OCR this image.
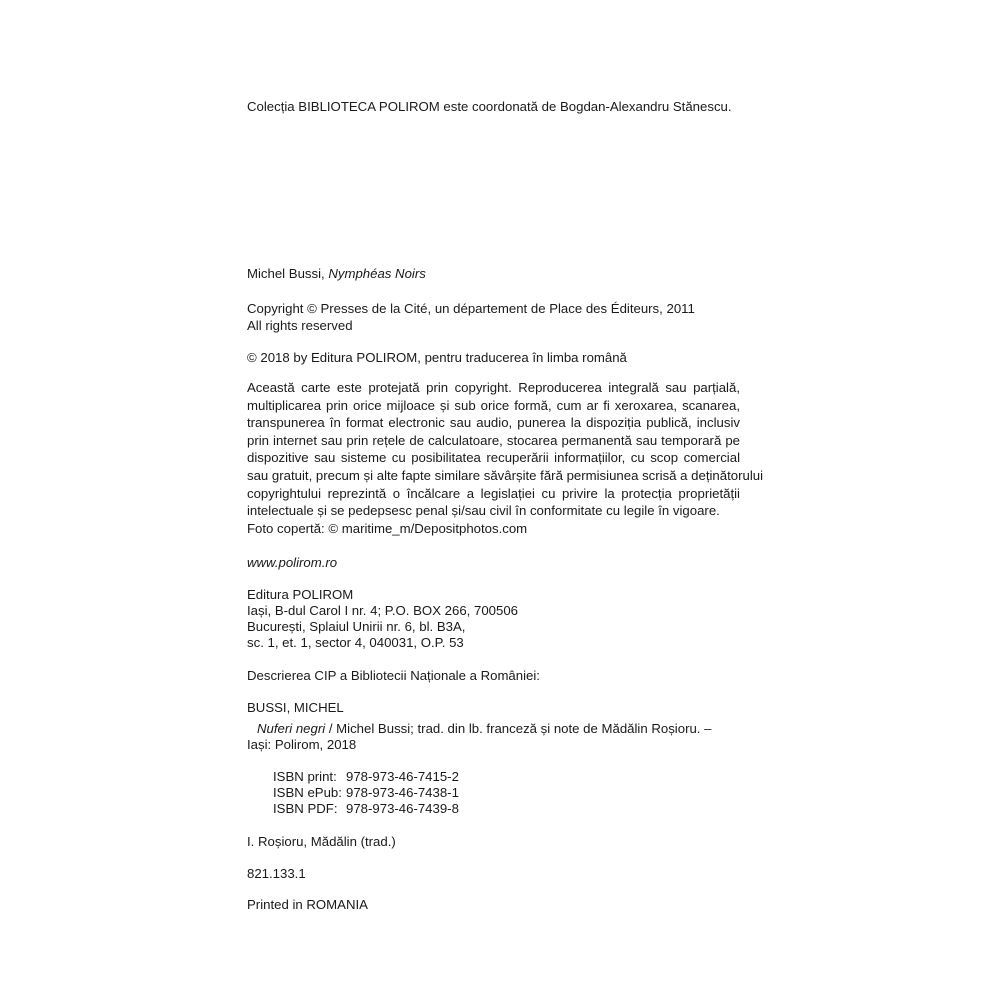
Colecția BIBLIOTECA POLIROM este coordonată de Bogdan-Alexandru Stănescu.
Michel Bussi, Nymphéas Noirs
Copyright © Presses de la Cité, un département de Place des Éditeurs, 2011
All rights reserved
© 2018 by Editura POLIROM, pentru traducerea în limba română
Această carte este protejată prin copyright. Reproducerea integrală sau parțială,
multiplicarea prin orice mijloace și sub orice formă, cum ar fi xeroxarea, scanarea,
transpunerea în format electronic sau audio, punerea la dispoziția publică, inclusiv
prin internet sau prin rețele de calculatoare, stocarea permanentă sau temporară pe
dispozitive sau sisteme cu posibilitatea recuperării informațiilor, cu scop comercial
sau gratuit, precum și alte fapte similare săvârșite fără permisiunea scrisă a deținătorului
copyrightului reprezintă o încălcare a legislației cu privire la protecția proprietății
intelectuale și se pedepsesc penal și/sau civil în conformitate cu legile în vigoare.
Foto copertă: © maritime_m/Depositphotos.com
www.polirom.ro
Editura POLIROM
Iași, B-dul Carol I nr. 4; P.O. BOX 266, 700506
București, Splaiul Unirii nr. 6, bl. B3A,
sc. 1, et. 1, sector 4, 040031, O.P. 53
Descrierea CIP a Bibliotecii Naționale a României:
BUSSI, MICHEL
Nuferi negri / Michel Bussi; trad. din lb. franceză și note de Mădălin Roșioru. –
Iași: Polirom, 2018
ISBN print: 978-973-46-7415-2
ISBN ePub: 978-973-46-7438-1
ISBN PDF: 978-973-46-7439-8
I. Roșioru, Mădălin (trad.)
821.133.1
Printed in ROMANIA
